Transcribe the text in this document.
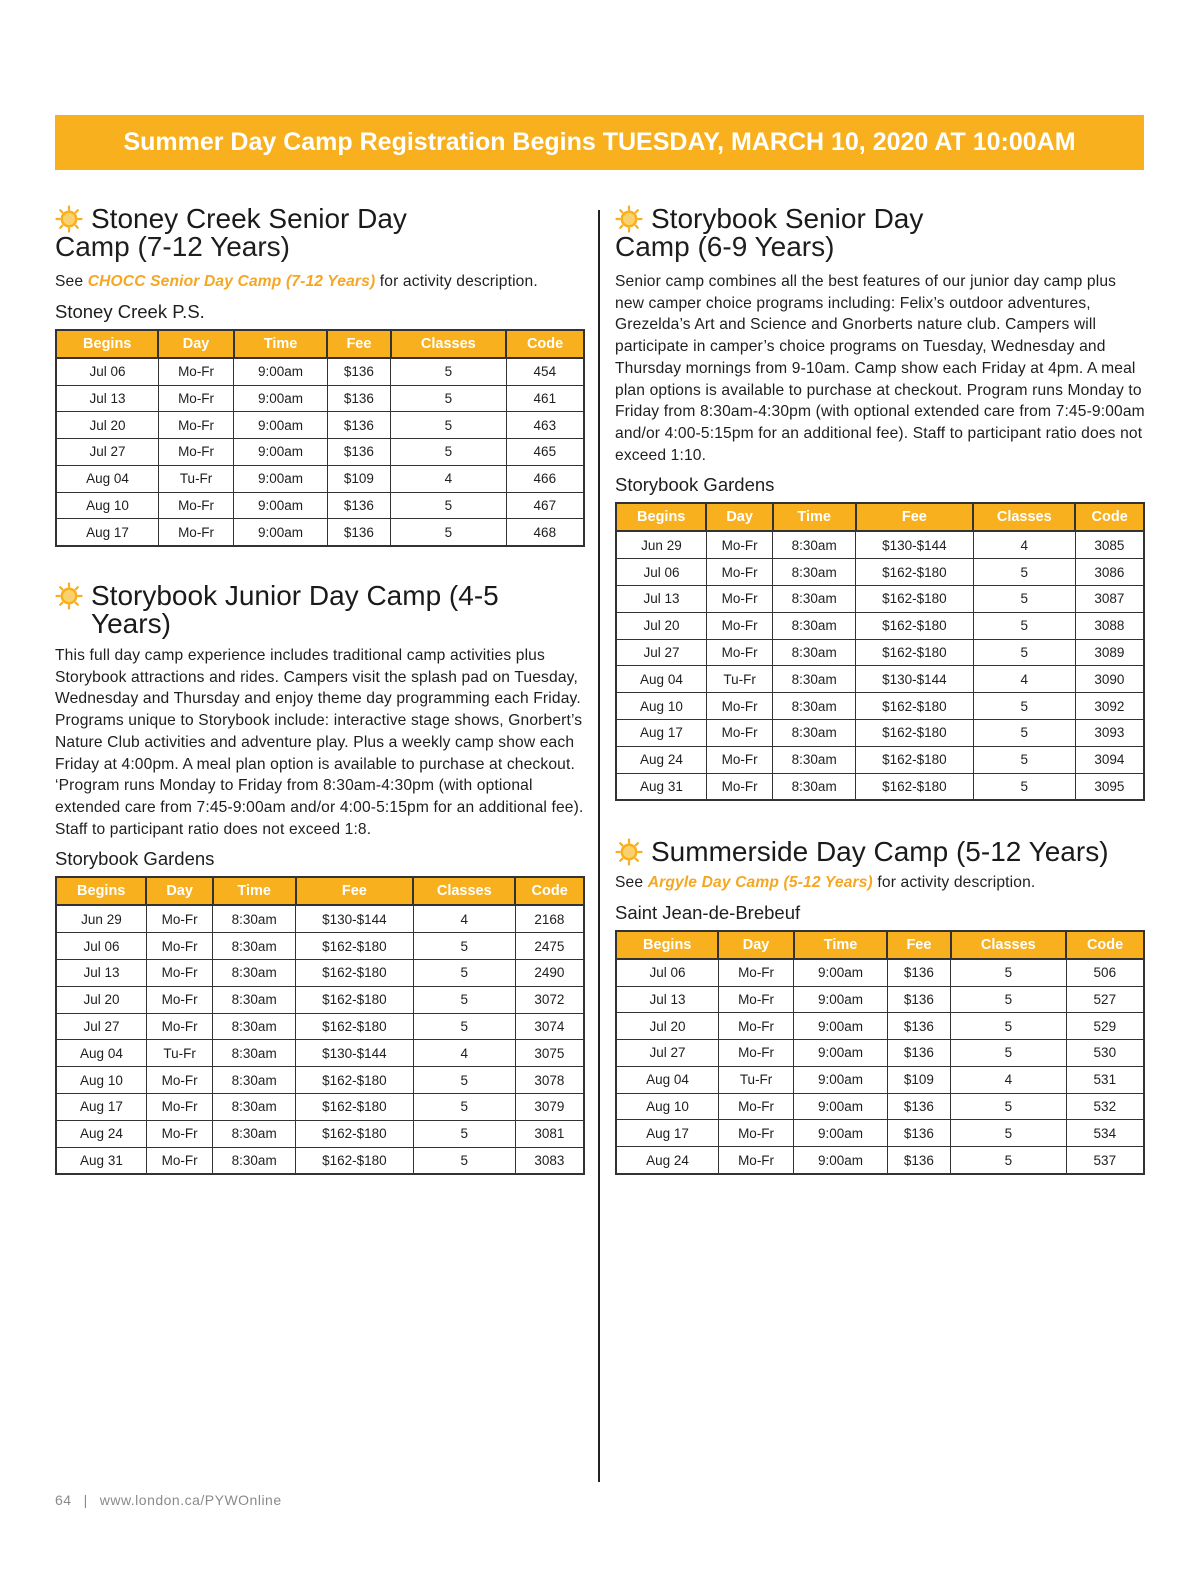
Summer Day Camp Registration Begins TUESDAY, MARCH 10, 2020 AT 10:00AM
Stoney Creek Senior Day
Camp (7-12 Years)
See CHOCC Senior Day Camp (7-12 Years) for activity description.
Stoney Creek P.S.
Begins	Day	Time	Fee	Classes	Code
Jul 06	Mo-Fr	9:00am	$136	5	454
Jul 13	Mo-Fr	9:00am	$136	5	461
Jul 20	Mo-Fr	9:00am	$136	5	463
Jul 27	Mo-Fr	9:00am	$136	5	465
Aug 04	Tu-Fr	9:00am	$109	4	466
Aug 10	Mo-Fr	9:00am	$136	5	467
Aug 17	Mo-Fr	9:00am	$136	5	468
Storybook Junior Day Camp (4-5 Years)
This full day camp experience includes traditional camp activities plus Storybook attractions and rides. Campers visit the splash pad on Tuesday, Wednesday and Thursday and enjoy theme day programming each Friday. Programs unique to Storybook include: interactive stage shows, Gnorbert’s Nature Club activities and adventure play. Plus a weekly camp show each Friday at 4:00pm. A meal plan option is available to purchase at checkout. ‘Program runs Monday to Friday from 8:30am-4:30pm (with optional extended care from 7:45-9:00am and/or 4:00-5:15pm for an additional fee). Staff to participant ratio does not exceed 1:8.
Storybook Gardens
Begins	Day	Time	Fee	Classes	Code
Jun 29	Mo-Fr	8:30am	$130-$144	4	2168
Jul 06	Mo-Fr	8:30am	$162-$180	5	2475
Jul 13	Mo-Fr	8:30am	$162-$180	5	2490
Jul 20	Mo-Fr	8:30am	$162-$180	5	3072
Jul 27	Mo-Fr	8:30am	$162-$180	5	3074
Aug 04	Tu-Fr	8:30am	$130-$144	4	3075
Aug 10	Mo-Fr	8:30am	$162-$180	5	3078
Aug 17	Mo-Fr	8:30am	$162-$180	5	3079
Aug 24	Mo-Fr	8:30am	$162-$180	5	3081
Aug 31	Mo-Fr	8:30am	$162-$180	5	3083
Storybook Senior Day
Camp (6-9 Years)
Senior camp combines all the best features of our junior day camp plus new camper choice programs including: Felix’s outdoor adventures, Grezelda’s Art and Science and Gnorberts nature club. Campers will participate in camper’s choice programs on Tuesday, Wednesday and Thursday mornings from 9-10am. Camp show each Friday at 4pm. A meal plan options is available to purchase at checkout. Program runs Monday to Friday from 8:30am-4:30pm (with optional extended care from 7:45-9:00am and/or 4:00-5:15pm for an additional fee). Staff to participant ratio does not exceed 1:10.
Storybook Gardens
Begins	Day	Time	Fee	Classes	Code
Jun 29	Mo-Fr	8:30am	$130-$144	4	3085
Jul 06	Mo-Fr	8:30am	$162-$180	5	3086
Jul 13	Mo-Fr	8:30am	$162-$180	5	3087
Jul 20	Mo-Fr	8:30am	$162-$180	5	3088
Jul 27	Mo-Fr	8:30am	$162-$180	5	3089
Aug 04	Tu-Fr	8:30am	$130-$144	4	3090
Aug 10	Mo-Fr	8:30am	$162-$180	5	3092
Aug 17	Mo-Fr	8:30am	$162-$180	5	3093
Aug 24	Mo-Fr	8:30am	$162-$180	5	3094
Aug 31	Mo-Fr	8:30am	$162-$180	5	3095
Summerside Day Camp (5-12 Years)
See Argyle Day Camp (5-12 Years) for activity description.
Saint Jean-de-Brebeuf
Begins	Day	Time	Fee	Classes	Code
Jul 06	Mo-Fr	9:00am	$136	5	506
Jul 13	Mo-Fr	9:00am	$136	5	527
Jul 20	Mo-Fr	9:00am	$136	5	529
Jul 27	Mo-Fr	9:00am	$136	5	530
Aug 04	Tu-Fr	9:00am	$109	4	531
Aug 10	Mo-Fr	9:00am	$136	5	532
Aug 17	Mo-Fr	9:00am	$136	5	534
Aug 24	Mo-Fr	9:00am	$136	5	537
64 | www.london.ca/PYWOnline
